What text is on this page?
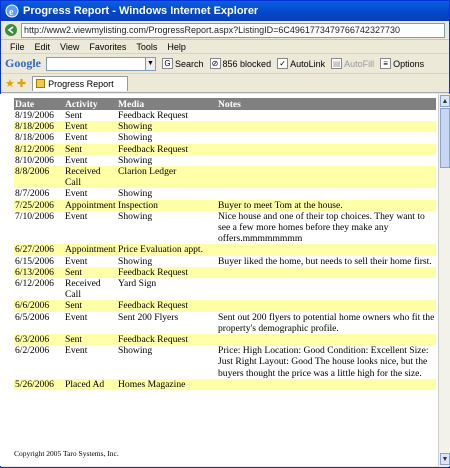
e Progress Report - Windows Internet Explorer
http://www2.viewmylisting.com/ProgressReport.aspx?ListingID=6C4961773479766742327730
File Edit View Favorites Tools Help
Google	▼ G Search ⊘ 856 blocked ✓ AutoLink ▤ AutoFill	≡ Options
★ ✚ Progress Report
Date	Activity	Media	Notes
8/19/2006	Sent	Feedback Request	
8/18/2006	Event	Showing	
8/18/2006	Event	Showing	
8/12/2006	Sent	Feedback Request	
8/10/2006	Event	Showing	
8/8/2006	Received Call	Clarion Ledger	
8/7/2006	Event	Showing	
7/25/2006	Appointment	Inspection	Buyer to meet Tom at the house.
7/10/2006	Event	Showing	Nice house and one of their top choices. They want to see a few more homes before they make any offers.mmmmmmmm
6/27/2006	Appointment	Price Evaluation appt.	
6/15/2006	Event	Showing	Buyer liked the home, but needs to sell their home first.
6/13/2006	Sent	Feedback Request	
6/12/2006	Received Call	Yard Sign	
6/6/2006	Sent	Feedback Request	
6/5/2006	Event	Sent 200 Flyers	Sent out 200 flyers to potential home owners who fit the property's demographic profile.
6/3/2006	Sent	Feedback Request	
6/2/2006	Event	Showing	Price: High Location: Good Condition: Excellent Size: Just Right Layout: Good The house looks nice, but the buyers thought the price was a little high for the size.
5/26/2006	Placed Ad	Homes Magazine	
Copyright 2005 Taro Systems, Inc.
▲
▼
